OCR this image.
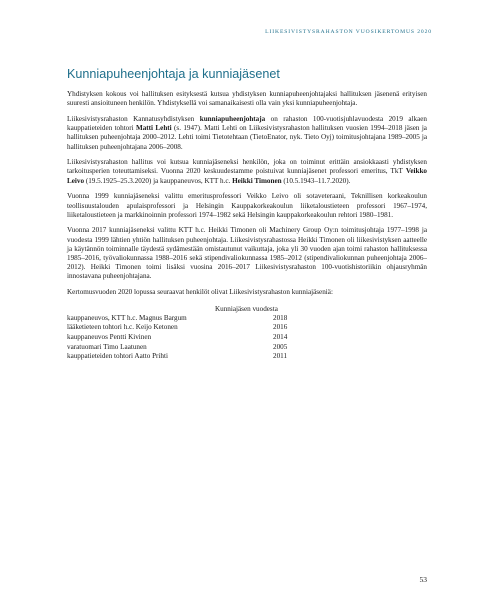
LIIKESIVISTYSRAHASTON VUOSIKERTOMUS 2020
Kunniapuheenjohtaja ja kunniajäsenet

Yhdistyksen kokous voi hallituksen esityksestä kutsua yhdistyksen kunniapuheenjohtajaksi hallituksen jäsenenä erityisen suuresti ansioituneen henkilön. Yhdistyksellä voi samanaikaisesti olla vain yksi kunniapuheenjohtaja.

Liikesivistysrahaston Kannatusyhdistyksen kunniapuheenjohtaja on rahaston 100-vuotisjuhlavuodesta 2019 alkaen kauppatieteiden tohtori Matti Lehti (s. 1947). Matti Lehti on Liikesivistysrahaston hallituksen vuosien 1994–2018 jäsen ja hallituksen puheenjohtaja 2000–2012. Lehti toimi Tietotehtaan (TietoEnator, nyk. Tieto Oyj) toimitusjohtajana 1989–2005 ja hallituksen puheenjohtajana 2006–2008.

Liikesivistysrahaston hallitus voi kutsua kunniajäseneksi henkilön, joka on toiminut erittäin ansiokkaasti yhdistyksen tarkoitusperien toteuttamiseksi. Vuonna 2020 keskuudestamme poistuivat kunniajäsenet professori emeritus, TkT Veikko Leivo (19.5.1925–25.3.2020) ja kauppaneuvos, KTT h.c. Heikki Timonen (10.5.1943–11.7.2020).

Vuonna 1999 kunniajäseneksi valittu emeritusprofessori Veikko Leivo oli sotaveteraani, Teknillisen korkeakoulun teollisuustalouden apulaisprofessori ja Helsingin Kauppakorkeakoulun liiketaloustieteen professori 1967–1974, liiketaloustieteen ja markkinoinnin professori 1974–1982 sekä Helsingin kauppakorkeakoulun rehtori 1980–1981.

Vuonna 2017 kunniajäseneksi valittu KTT h.c. Heikki Timonen oli Machinery Group Oy:n toimitusjohtaja 1977–1998 ja vuodesta 1999 lähtien yhtiön hallituksen puheenjohtaja. Liikesivistysrahastossa Heikki Timonen oli liikesivistyksen aatteelle ja käytännön toiminnalle täydestä sydämestään omistautunut vaikuttaja, joka yli 30 vuoden ajan toimi rahaston hallituksessa 1985–2016, työvaliokunnassa 1988–2016 sekä stipendivaliokunnassa 1985–2012 (stipendivaliokunnan puheenjohtaja 2006–2012). Heikki Timonen toimi lisäksi vuosina 2016–2017 Liikesivistysrahaston 100-vuotishistoriikin ohjausryhmän innostavana puheenjohtajana.

Kertomusvuoden 2020 lopussa seuraavat henkilöt olivat Liikesivistysrahaston kunniajäseniä:

Kunniajäsen vuodesta
kauppaneuvos, KTT h.c. Magnus Bargum	2018
lääketieteen tohtori h.c. Keijo Ketonen	2016
kauppaneuvos Pentti Kivinen	2014
varatuomari Timo Laatunen	2005
kauppatieteiden tohtori Aatto Prihti	2011
53
